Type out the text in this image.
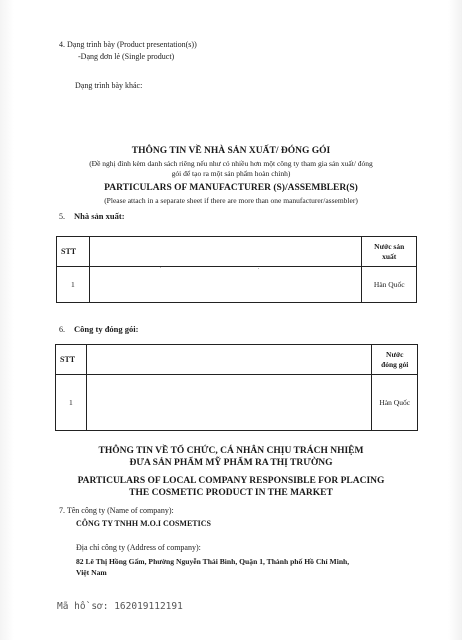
4. Dạng trình bày (Product presentation(s))
-Dạng đơn lẻ (Single product)
Dạng trình bày khác:
THÔNG TIN VỀ NHÀ SẢN XUẤT/ ĐÓNG GÓI
(Đề nghị đính kèm danh sách riêng nếu như có nhiều hơn một công ty tham gia sản xuất/ đóng
gói để tạo ra một sản phẩm hoàn chỉnh)
PARTICULARS OF MANUFACTURER (S)/ASSEMBLER(S)
(Please attach in a separate sheet if there are more than one manufacturer/assembler)
5. Nhà sản xuất:
STT		Nước sản
xuất

1		Hàn Quốc
6. Công ty đóng gói:
STT		Nước
đóng gói

1		Hàn Quốc
THÔNG TIN VỀ TỔ CHỨC, CÁ NHÂN CHỊU TRÁCH NHIỆM
ĐƯA SẢN PHẨM MỸ PHẨM RA THỊ TRƯỜNG
PARTICULARS OF LOCAL COMPANY RESPONSIBLE FOR PLACING
THE COSMETIC PRODUCT IN THE MARKET
7. Tên công ty (Name of company):
CÔNG TY TNHH M.O.I COSMETICS
Địa chỉ công ty (Address of company):
82 Lê Thị Hồng Gấm, Phường Nguyễn Thái Bình, Quận 1, Thành phố Hồ Chí Minh,
Việt Nam
Mã hồ sơ: 162019112191
